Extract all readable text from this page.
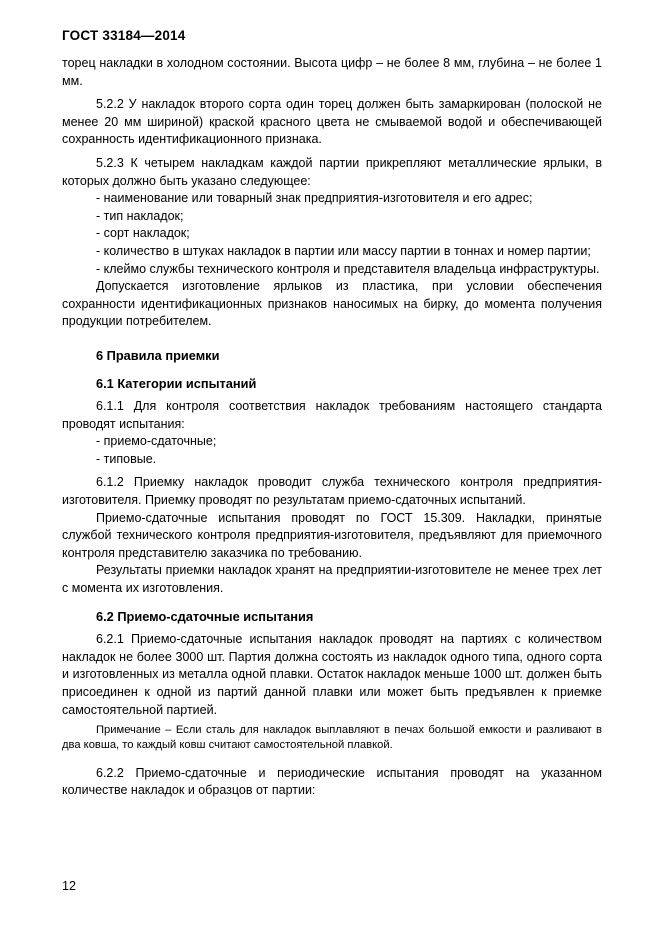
ГОСТ 33184—2014

торец накладки в холодном состоянии. Высота цифр – не более 8 мм, глубина – не более 1 мм.

5.2.2 У накладок второго сорта один торец должен быть замаркирован (полоской не менее 20 мм шириной) краской красного цвета не смываемой водой и обеспечивающей сохранность идентификационного признака.

5.2.3 К четырем накладкам каждой партии прикрепляют металлические ярлыки, в которых должно быть указано следующее:

- наименование или товарный знак предприятия-изготовителя и его адрес;

- тип накладок;

- сорт накладок;

- количество в штуках накладок в партии или массу партии в тоннах и номер партии;

- клеймо службы технического контроля и представителя владельца инфраструктуры.

Допускается изготовление ярлыков из пластика, при условии обеспечения сохранности идентификационных признаков наносимых на бирку, до момента получения продукции потребителем.

6 Правила приемки

6.1 Категории испытаний

6.1.1 Для контроля соответствия накладок требованиям настоящего стандарта проводят испытания:

- приемо-сдаточные;

- типовые.

6.1.2 Приемку накладок проводит служба технического контроля предприятия-изготовителя. Приемку проводят по результатам приемо-сдаточных испытаний.

Приемо-сдаточные испытания проводят по ГОСТ 15.309. Накладки, принятые службой технического контроля предприятия-изготовителя, предъявляют для приемочного контроля представителю заказчика по требованию.

Результаты приемки накладок хранят на предприятии-изготовителе не менее трех лет с момента их изготовления.

6.2 Приемо-сдаточные испытания

6.2.1 Приемо-сдаточные испытания накладок проводят на партиях с количеством накладок не более 3000 шт. Партия должна состоять из накладок одного типа, одного сорта и изготовленных из металла одной плавки. Остаток накладок меньше 1000 шт. должен быть присоединен к одной из партий данной плавки или может быть предъявлен к приемке самостоятельной партией.

Примечание – Если сталь для накладок выплавляют в печах большой емкости и разливают в два ковша, то каждый ковш считают самостоятельной плавкой.

6.2.2 Приемо-сдаточные и периодические испытания проводят на указанном количестве накладок и образцов от партии:

12
